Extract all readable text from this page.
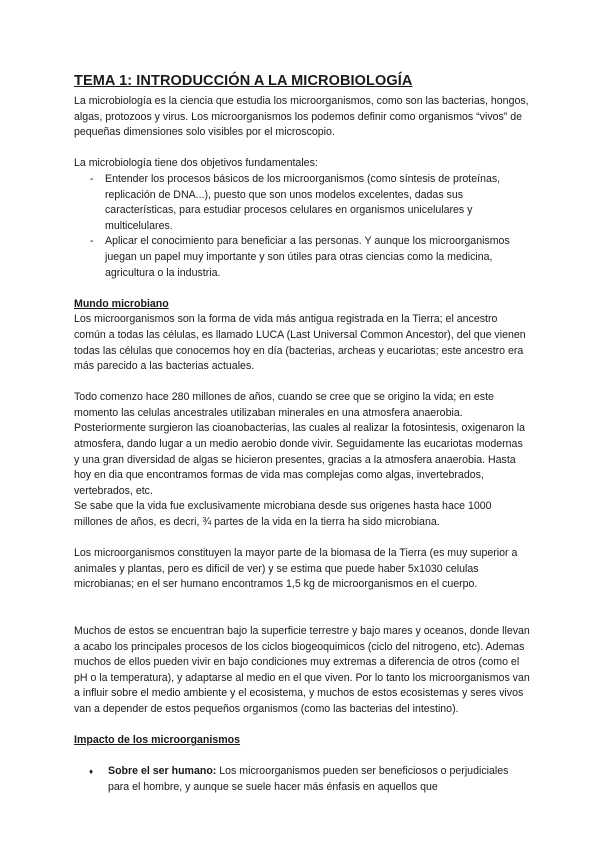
TEMA 1: INTRODUCCIÓN A LA MICROBIOLOGÍA

La microbiología es la ciencia que estudia los microorganismos, como son las bacterias, hongos, algas, protozoos y virus. Los microorganismos los podemos definir como organismos “vivos” de pequeñas dimensiones solo visibles por el microscopio.

La microbiología tiene dos objetivos fundamentales:

- Entender los procesos básicos de los microorganismos (como síntesis de proteínas, replicación de DNA...), puesto que son unos modelos excelentes, dadas sus características, para estudiar procesos celulares en organismos unicelulares y multicelulares.
- Aplicar el conocimiento para beneficiar a las personas. Y aunque los microorganismos juegan un papel muy importante y son útiles para otras ciencias como la medicina, agricultura o la industria.
Mundo microbiano

Los microorganismos son la forma de vida más antigua registrada en la Tierra; el ancestro común a todas las células, es llamado LUCA (Last Universal Common Ancestor), del que vienen todas las células que conocemos hoy en día (bacterias, archeas y eucariotas; este ancestro era más parecido a las bacterias actuales.

Todo comenzo hace 280 millones de años, cuando se cree que se origino la vida; en este momento las celulas ancestrales utilizaban minerales en una atmosfera anaerobia. Posteriormente surgieron las cioanobacterias, las cuales al realizar la fotosintesis, oxigenaron la atmosfera, dando lugar a un medio aerobio donde vivir. Seguidamente las eucariotas modernas y una gran diversidad de algas se hicieron presentes, gracias a la atmosfera anaerobia. Hasta hoy en dia que encontramos formas de vida mas complejas como algas, invertebrados, vertebrados, etc.

Se sabe que la vida fue exclusivamente microbiana desde sus origenes hasta hace 1000 millones de años, es decri, ¾ partes de la vida en la tierra ha sido microbiana.

Los microorganismos constituyen la mayor parte de la biomasa de la Tierra (es muy superior a animales y plantas, pero es dificil de ver) y se estima que puede haber 5x1030 celulas microbianas; en el ser humano encontramos 1,5 kg de microorganismos en el cuerpo.

Muchos de estos se encuentran bajo la superficie terrestre y bajo mares y oceanos, donde llevan a acabo los principales procesos de los ciclos biogeoquimicos (ciclo del nitrogeno, etc). Ademas muchos de ellos pueden vivir en bajo condiciones muy extremas a diferencia de otros (como el pH o la temperatura), y adaptarse al medio en el que viven. Por lo tanto los microorganismos van a influir sobre el medio ambiente y el ecosistema, y muchos de estos ecosistemas y seres vivos van a depender de estos pequeños organismos (como las bacterias del intestino).

Impacto de los microorganismos
♦ Sobre el ser humano: Los microorganismos pueden ser beneficiosos o perjudiciales para el hombre, y aunque se suele hacer más énfasis en aquellos que
